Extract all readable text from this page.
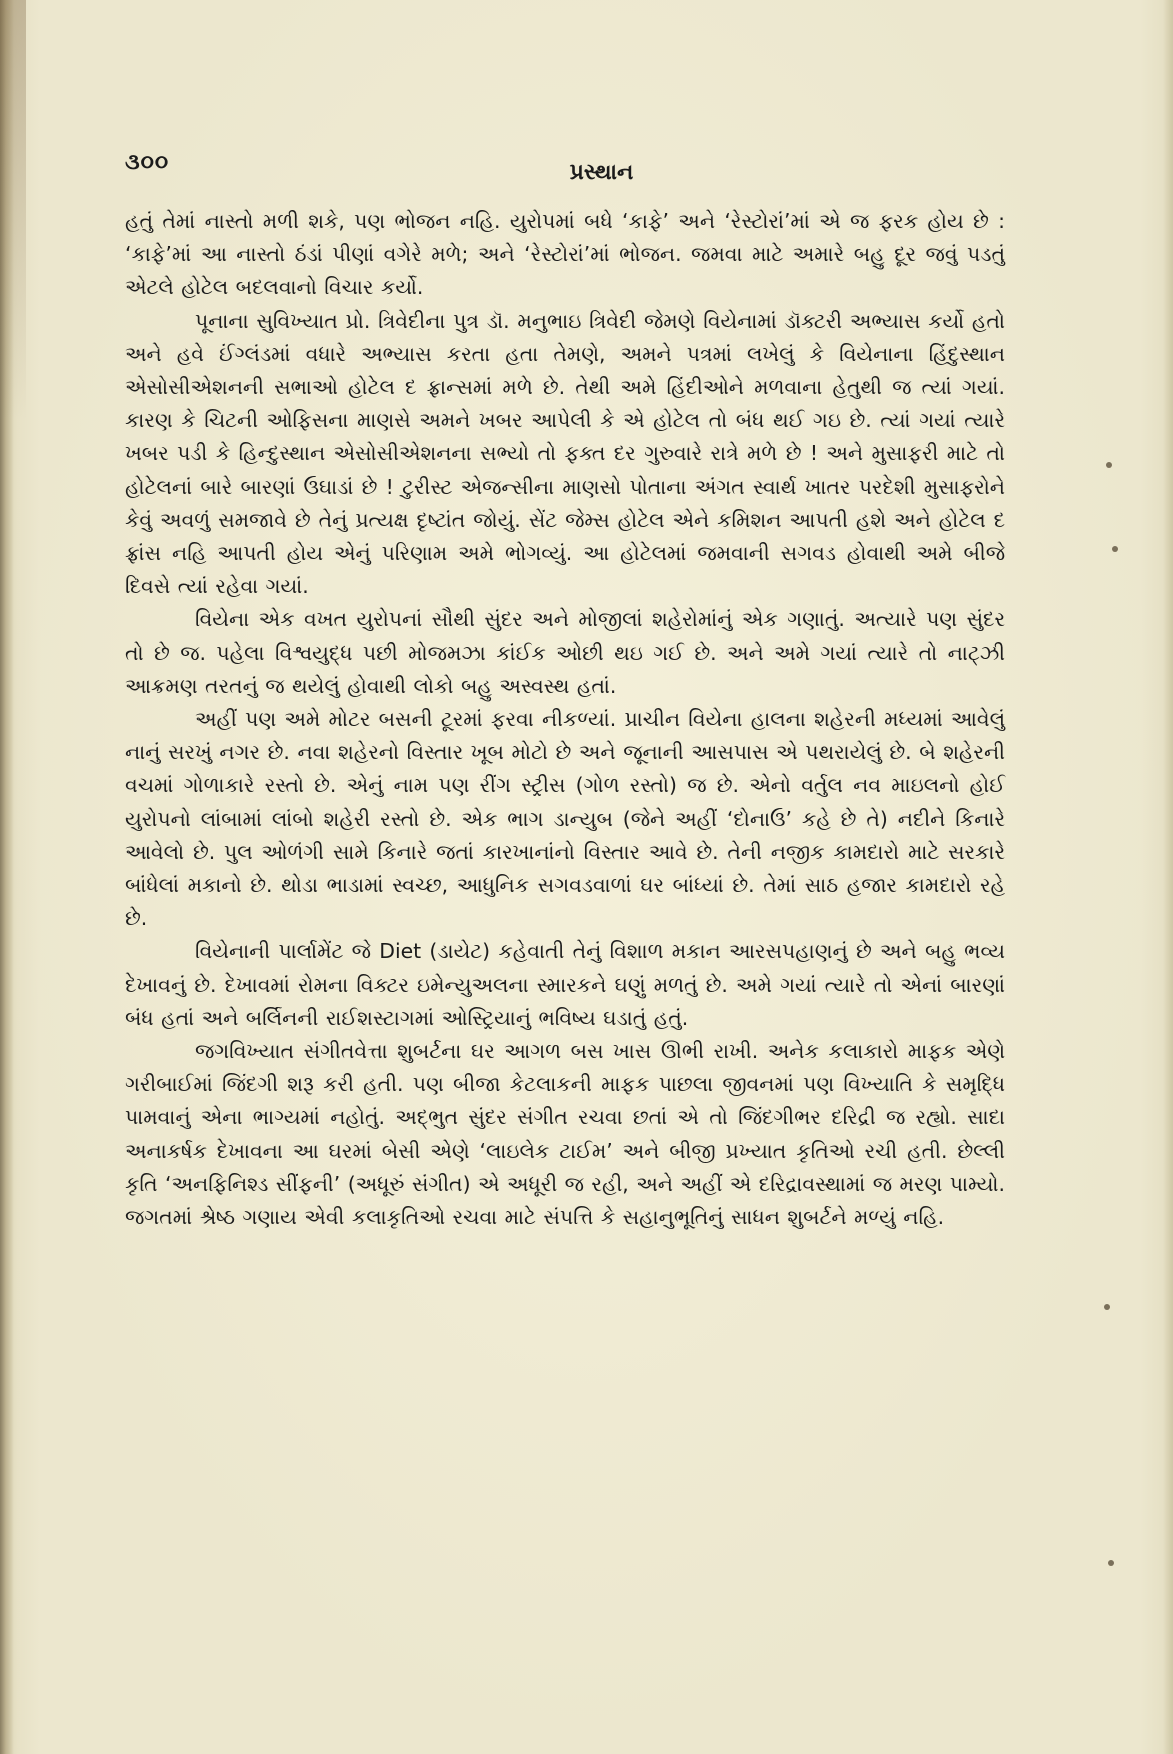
૩૦૦	પ્રસ્થાન

હતું તેમાં નાસ્તો મળી શકે, પણ ભોજન નહિ. યુરોપમાં બધે ‘કાફે’ અને ‘રેસ્ટોરાં’માં એ જ ફરક હોય છે : ‘કાફે’માં આ નાસ્તો ઠંડાં પીણાં વગેરે મળે; અને ‘રેસ્ટોરાં’માં ભોજન. જમવા માટે અમારે બહુ દૂર જવું પડતું એટલે હોટેલ બદલવાનો વિચાર કર્યો.

પૂનાના સુવિખ્યાત પ્રો. ત્રિવેદીના પુત્ર ડૉ. મનુભાઇ ત્રિવેદી જેમણે વિયેનામાં ડૉક્ટરી અભ્યાસ કર્યો હતો અને હવે ઈંગ્લંડમાં વધારે અભ્યાસ કરતા હતા તેમણે, અમને પત્રમાં લખેલું કે વિયેનાના હિંદુસ્થાન એસોસીએશનની સભાઓ હોટેલ દ ફ્રાન્સમાં મળે છે. તેથી અમે હિંદીઓને મળવાના હેતુથી જ ત્યાં ગયાં. કારણ કે ચિટની ઓફિસના માણસે અમને ખબર આપેલી કે એ હોટેલ તો બંધ થઈ ગઇ છે. ત્યાં ગયાં ત્યારે ખબર પડી કે હિન્દુસ્થાન એસોસીએશનના સભ્યો તો ફક્ત દર ગુરુવારે રાત્રે મળે છે ! અને મુસાફરી માટે તો હોટેલનાં બારે બારણાં ઉઘાડાં છે ! ટુરીસ્ટ એજન્સીના માણસો પોતાના અંગત સ્વાર્થ ખાતર પરદેશી મુસાફરોને કેવું અવળું સમજાવે છે તેનું પ્રત્યક્ષ દૃષ્ટાંત જોયું. સેંટ જેમ્સ હોટેલ એને કમિશન આપતી હશે અને હોટેલ દ ફ્રાંસ નહિ આપતી હોય એનું પરિણામ અમે ભોગવ્યું. આ હોટેલમાં જમવાની સગવડ હોવાથી અમે બીજે દિવસે ત્યાં રહેવા ગયાં.

વિયેના એક વખત યુરોપનાં સૌથી સુંદર અને મોજીલાં શહેરોમાંનું એક ગણાતું. અત્યારે પણ સુંદર તો છે જ. પહેલા વિશ્વયુદ્ધ પછી મોજમઝા કાંઈક ઓછી થઇ ગઈ છે. અને અમે ગયાં ત્યારે તો નાટ્ઝી આક્રમણ તરતનું જ થયેલું હોવાથી લોકો બહુ અસ્વસ્થ હતાં.

અહીં પણ અમે મોટર બસની ટૂરમાં ફરવા નીકળ્યાં. પ્રાચીન વિયેના હાલના શહેરની મધ્યમાં આવેલું નાનું સરખું નગર છે. નવા શહેરનો વિસ્તાર ખૂબ મોટો છે અને જૂનાની આસપાસ એ પથરાયેલું છે. બે શહેરની વચમાં ગોળાકારે રસ્તો છે. એનું નામ પણ રીંગ સ્ટ્રીસ (ગોળ રસ્તો) જ છે. એનો વર્તુલ નવ માઇલનો હોઈ યુરોપનો લાંબામાં લાંબો શહેરી રસ્તો છે. એક ભાગ ડાન્યુબ (જેને અહીં ‘દોનાઉ’ કહે છે તે) નદીને કિનારે આવેલો છે. પુલ ઓળંગી સામે કિનારે જતાં કારખાનાંનો વિસ્તાર આવે છે. તેની નજીક કામદારો માટે સરકારે બાંધેલાં મકાનો છે. થોડા ભાડામાં સ્વચ્છ, આધુનિક સગવડવાળાં ઘર બાંધ્યાં છે. તેમાં સાઠ હજાર કામદારો રહે છે.

વિયેનાની પાર્લામેંટ જે Diet (ડાયેટ) કહેવાતી તેનું વિશાળ મકાન આરસપહાણનું છે અને બહુ ભવ્ય દેખાવનું છે. દેખાવમાં રોમના વિક્ટર ઇમેન્યુઅલના સ્મારકને ઘણું મળતું છે. અમે ગયાં ત્યારે તો એનાં બારણાં બંધ હતાં અને બર્લિનની રાઈશસ્ટાગમાં ઓસ્ટ્રિયાનું ભવિષ્ય ઘડાતું હતું.

જગવિખ્યાત સંગીતવેત્તા શુબર્ટના ઘર આગળ બસ ખાસ ઊભી રાખી. અનેક કલાકારો માફક એણે ગરીબાઈમાં જિંદગી શરૂ કરી હતી. પણ બીજા કેટલાકની માફક પાછલા જીવનમાં પણ વિખ્યાતિ કે સમૃદ્ધિ પામવાનું એના ભાગ્યમાં નહોતું. અદ્ભુત સુંદર સંગીત રચવા છતાં એ તો જિંદગીભર દરિદ્રી જ રહ્યો. સાદા અનાકર્ષક દેખાવના આ ઘરમાં બેસી એણે ‘લાઇલેક ટાઈમ’ અને બીજી પ્રખ્યાત કૃતિઓ રચી હતી. છેલ્લી કૃતિ ‘અનફિનિશ્ડ સીંફની’ (અધૂરું સંગીત) એ અધૂરી જ રહી, અને અહીં એ દરિદ્રાવસ્થામાં જ મરણ પામ્યો. જગતમાં શ્રેષ્ઠ ગણાય એવી કલાકૃતિઓ રચવા માટે સંપત્તિ કે સહાનુભૂતિનું સાધન શુબર્ટને મળ્યું નહિ.
